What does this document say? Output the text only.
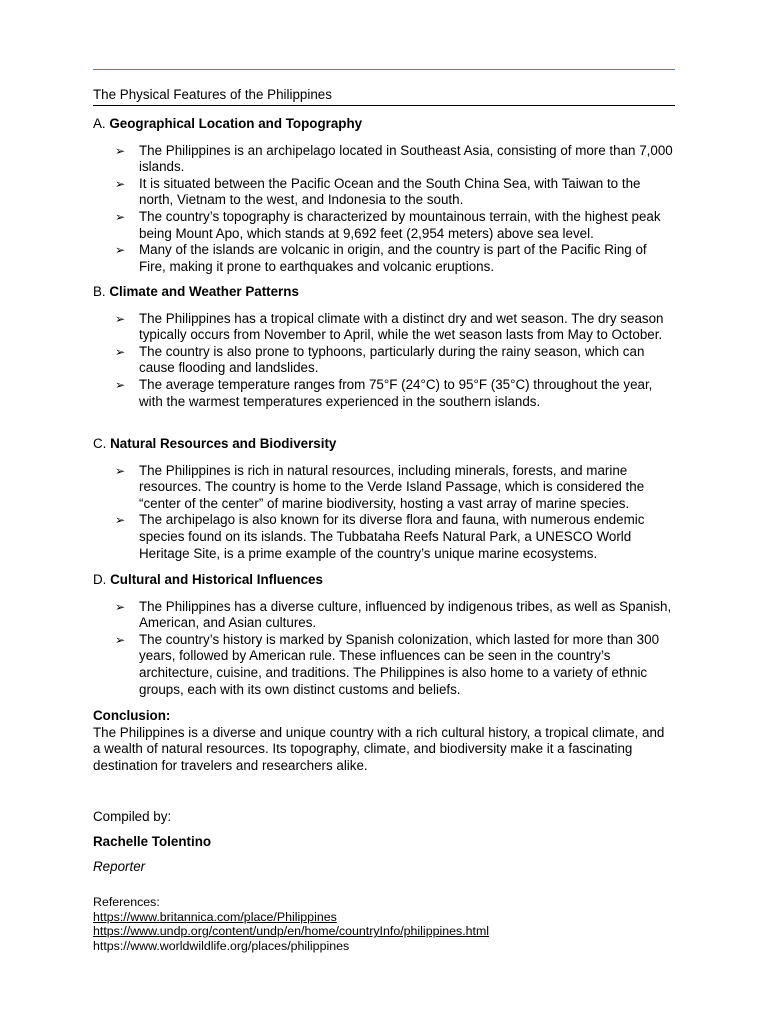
The Physical Features of the Philippines

A. Geographical Location and Topography

➢ The Philippines is an archipelago located in Southeast Asia, consisting of more than 7,000 islands.
➢ It is situated between the Pacific Ocean and the South China Sea, with Taiwan to the north, Vietnam to the west, and Indonesia to the south.
➢ The country’s topography is characterized by mountainous terrain, with the highest peak being Mount Apo, which stands at 9,692 feet (2,954 meters) above sea level.
➢ Many of the islands are volcanic in origin, and the country is part of the Pacific Ring of Fire, making it prone to earthquakes and volcanic eruptions.

B. Climate and Weather Patterns

➢ The Philippines has a tropical climate with a distinct dry and wet season. The dry season typically occurs from November to April, while the wet season lasts from May to October.
➢ The country is also prone to typhoons, particularly during the rainy season, which can cause flooding and landslides.
➢ The average temperature ranges from 75°F (24°C) to 95°F (35°C) throughout the year, with the warmest temperatures experienced in the southern islands.

C. Natural Resources and Biodiversity

➢ The Philippines is rich in natural resources, including minerals, forests, and marine resources. The country is home to the Verde Island Passage, which is considered the “center of the center” of marine biodiversity, hosting a vast array of marine species.
➢ The archipelago is also known for its diverse flora and fauna, with numerous endemic species found on its islands. The Tubbataha Reefs Natural Park, a UNESCO World Heritage Site, is a prime example of the country’s unique marine ecosystems.

D. Cultural and Historical Influences

➢ The Philippines has a diverse culture, influenced by indigenous tribes, as well as Spanish, American, and Asian cultures.
➢ The country’s history is marked by Spanish colonization, which lasted for more than 300 years, followed by American rule. These influences can be seen in the country’s architecture, cuisine, and traditions. The Philippines is also home to a variety of ethnic groups, each with its own distinct customs and beliefs.
Conclusion:
The Philippines is a diverse and unique country with a rich cultural history, a tropical climate, and a wealth of natural resources. Its topography, climate, and biodiversity make it a fascinating destination for travelers and researchers alike.
Compiled by:
Rachelle Tolentino
Reporter
References:
https://www.britannica.com/place/Philippines
https://www.undp.org/content/undp/en/home/countryInfo/philippines.html
https://www.worldwildlife.org/places/philippines
